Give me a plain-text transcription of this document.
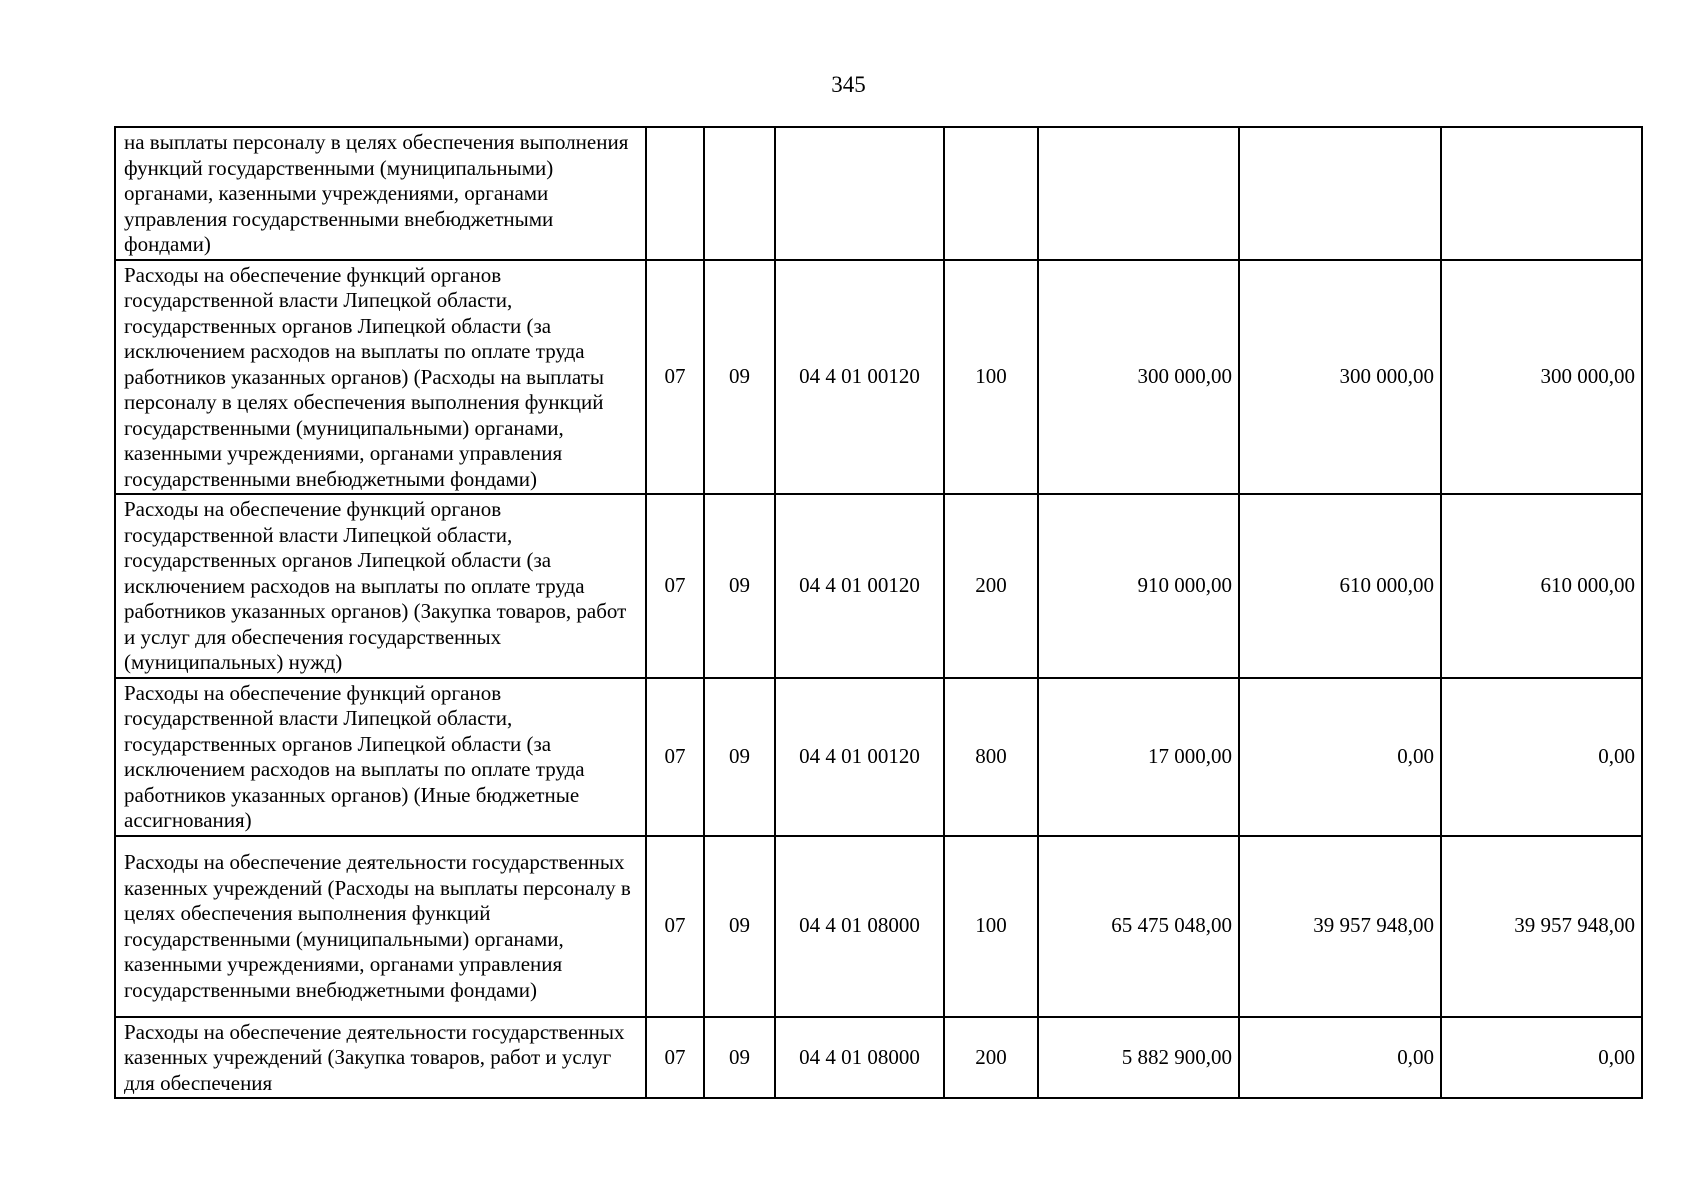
345
на выплаты персоналу в целях обеспечения выполнения функций государственными (муниципальными) органами, казенными учреждениями, органами управления государственными внебюджетными фондами)							
Расходы на обеспечение функций органов государственной власти Липецкой области, государственных органов Липецкой области (за исключением расходов на выплаты по оплате труда работников указанных органов) (Расходы на выплаты персоналу в целях обеспечения выполнения функций государственными (муниципальными) органами, казенными учреждениями, органами управления государственными внебюджетными фондами)	07	09	04 4 01 00120	100	300 000,00	300 000,00	300 000,00
Расходы на обеспечение функций органов государственной власти Липецкой области, государственных органов Липецкой области (за исключением расходов на выплаты по оплате труда работников указанных органов) (Закупка товаров, работ и услуг для обеспечения государственных (муниципальных) нужд)	07	09	04 4 01 00120	200	910 000,00	610 000,00	610 000,00
Расходы на обеспечение функций органов государственной власти Липецкой области, государственных органов Липецкой области (за исключением расходов на выплаты по оплате труда работников указанных органов) (Иные бюджетные ассигнования)	07	09	04 4 01 00120	800	17 000,00	0,00	0,00
Расходы на обеспечение деятельности государственных казенных учреждений (Расходы на выплаты персоналу в целях обеспечения выполнения функций государственными (муниципальными) органами, казенными учреждениями, органами управления государственными внебюджетными фондами)	07	09	04 4 01 08000	100	65 475 048,00	39 957 948,00	39 957 948,00
Расходы на обеспечение деятельности государственных казенных учреждений (Закупка товаров, работ и услуг для обеспечения	07	09	04 4 01 08000	200	5 882 900,00	0,00	0,00
